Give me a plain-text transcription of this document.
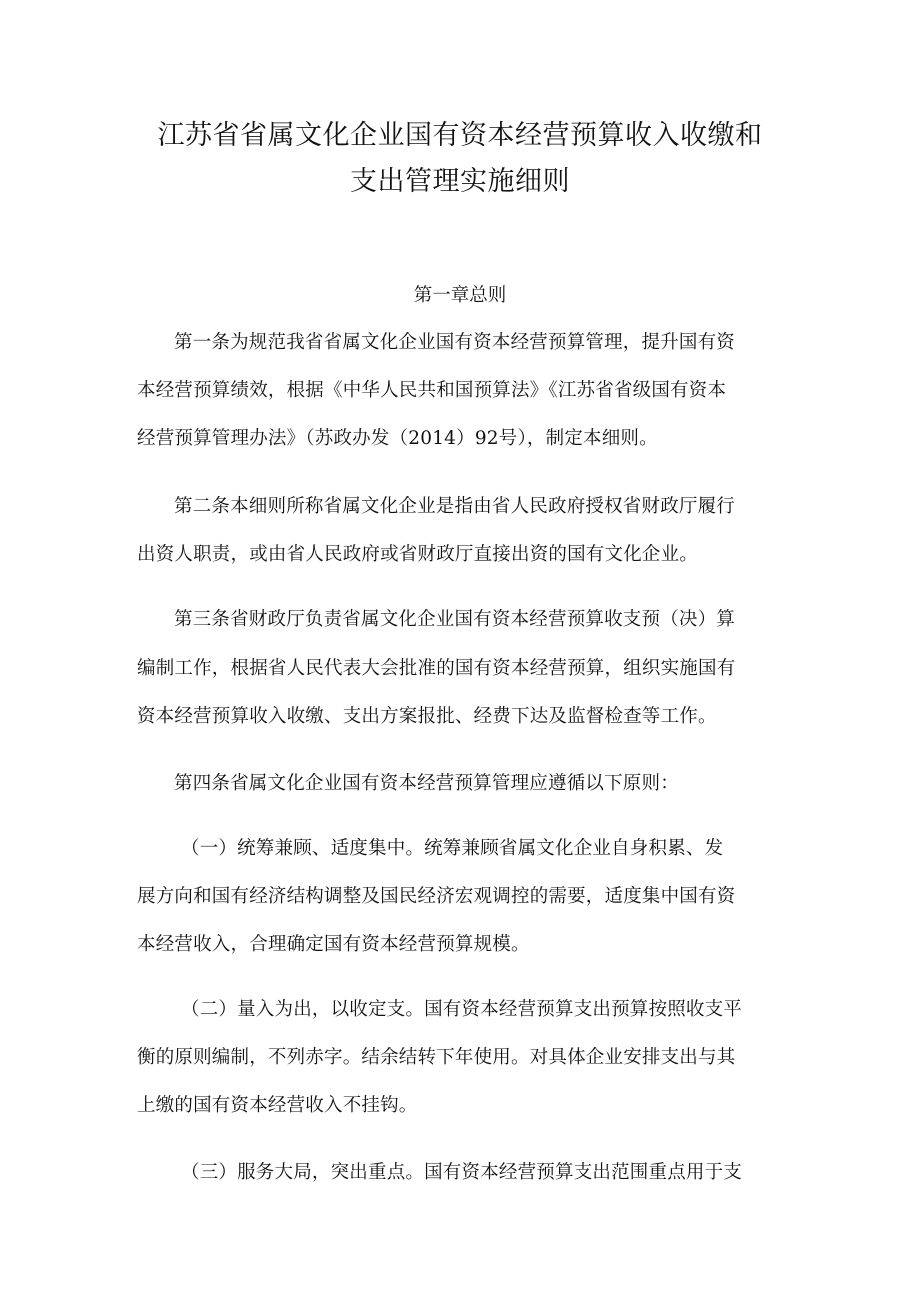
江苏省省属文化企业国有资本经营预算收入收缴和
支出管理实施细则
第一章总则
第一条为规范我省省属文化企业国有资本经营预算管理，提升国有资
本经营预算绩效，根据《中华人民共和国预算法》《江苏省省级国有资本
经营预算管理办法》（苏政办发（2014）92号），制定本细则。
第二条本细则所称省属文化企业是指由省人民政府授权省财政厅履行
出资人职责，或由省人民政府或省财政厅直接出资的国有文化企业。
第三条省财政厅负责省属文化企业国有资本经营预算收支预（决）算
编制工作，根据省人民代表大会批准的国有资本经营预算，组织实施国有
资本经营预算收入收缴、支出方案报批、经费下达及监督检查等工作。
第四条省属文化企业国有资本经营预算管理应遵循以下原则：
（一）统筹兼顾、适度集中。统筹兼顾省属文化企业自身积累、发
展方向和国有经济结构调整及国民经济宏观调控的需要，适度集中国有资
本经营收入，合理确定国有资本经营预算规模。
（二）量入为出，以收定支。国有资本经营预算支出预算按照收支平
衡的原则编制，不列赤字。结余结转下年使用。对具体企业安排支出与其
上缴的国有资本经营收入不挂钩。
（三）服务大局，突出重点。国有资本经营预算支出范围重点用于支
